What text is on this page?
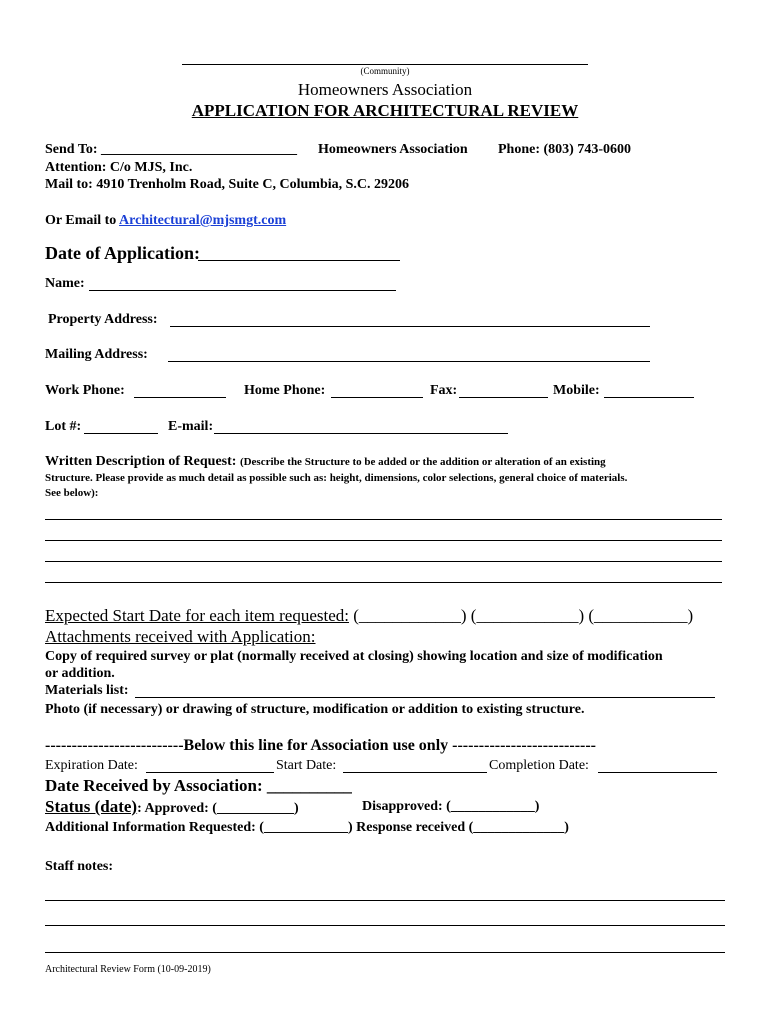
(Community)
Homeowners Association
APPLICATION FOR ARCHITECTURAL REVIEW
Send To: ____________________________ Homeowners Association Phone: (803) 743-0600
Attention: C/o MJS, Inc.
Mail to: 4910 Trenholm Road, Suite C, Columbia, S.C. 29206
Or Email to Architectural@mjsmgt.com
Date of Application:
Name:
Property Address:
Mailing Address:
Work Phone:	Home Phone:	Fax:	Mobile:
Lot #:	E-mail:
Written Description of Request: (Describe the Structure to be added or the addition or alteration of an existing
Structure. Please provide as much detail as possible such as: height, dimensions, color selections, general choice of materials.
See below):
Expected Start Date for each item requested: (____________) (____________) (___________)
Attachments received with Application:
Copy of required survey or plat (normally received at closing) showing location and size of modification
or addition.
Materials list:
Photo (if necessary) or drawing of structure, modification or addition to existing structure.
--------------------------Below this line for Association use only ---------------------------
Expiration Date:	Start Date:	Completion Date:
Date Received by Association: __________
Status (date): Approved: (___________)	Disapproved: (____________)
Additional Information Requested: (____________) Response received (_____________)
Staff notes:
Architectural Review Form (10-09-2019)
